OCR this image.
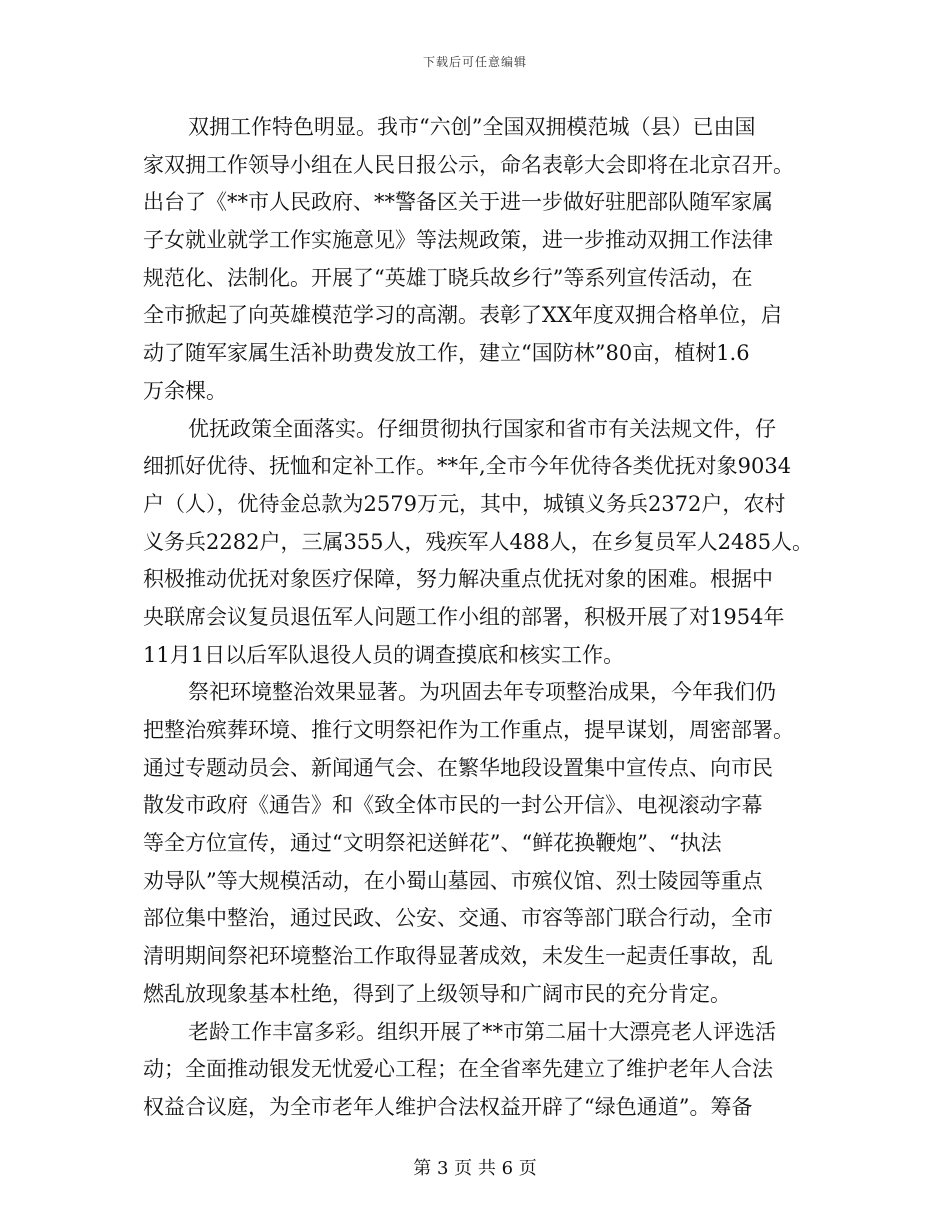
下载后可任意编辑
双拥工作特色明显。我市“六创”全国双拥模范城（县）已由国
家双拥工作领导小组在人民日报公示，命名表彰大会即将在北京召开。
出台了《**市人民政府、**警备区关于进一步做好驻肥部队随军家属
子女就业就学工作实施意见》等法规政策，进一步推动双拥工作法律
规范化、法制化。开展了“英雄丁晓兵故乡行”等系列宣传活动，在
全市掀起了向英雄模范学习的高潮。表彰了XX年度双拥合格单位，启
动了随军家属生活补助费发放工作，建立“国防林”80亩，植树1.6
万余棵。
优抚政策全面落实。仔细贯彻执行国家和省市有关法规文件，仔
细抓好优待、抚恤和定补工作。**年,全市今年优待各类优抚对象9034
户（人），优待金总款为2579万元，其中，城镇义务兵2372户，农村
义务兵2282户，三属355人，残疾军人488人，在乡复员军人2485人。
积极推动优抚对象医疗保障，努力解决重点优抚对象的困难。根据中
央联席会议复员退伍军人问题工作小组的部署，积极开展了对1954年
11月1日以后军队退役人员的调查摸底和核实工作。
祭祀环境整治效果显著。为巩固去年专项整治成果，今年我们仍
把整治殡葬环境、推行文明祭祀作为工作重点，提早谋划，周密部署。
通过专题动员会、新闻通气会、在繁华地段设置集中宣传点、向市民
散发市政府《通告》和《致全体市民的一封公开信》、电视滚动字幕
等全方位宣传，通过“文明祭祀送鲜花”、“鲜花换鞭炮”、“执法
劝导队”等大规模活动，在小蜀山墓园、市殡仪馆、烈士陵园等重点
部位集中整治，通过民政、公安、交通、市容等部门联合行动，全市
清明期间祭祀环境整治工作取得显著成效，未发生一起责任事故，乱
燃乱放现象基本杜绝，得到了上级领导和广阔市民的充分肯定。
老龄工作丰富多彩。组织开展了**市第二届十大漂亮老人评选活
动；全面推动银发无忧爱心工程；在全省率先建立了维护老年人合法
权益合议庭，为全市老年人维护合法权益开辟了“绿色通道”。筹备
第 3 页 共 6 页
